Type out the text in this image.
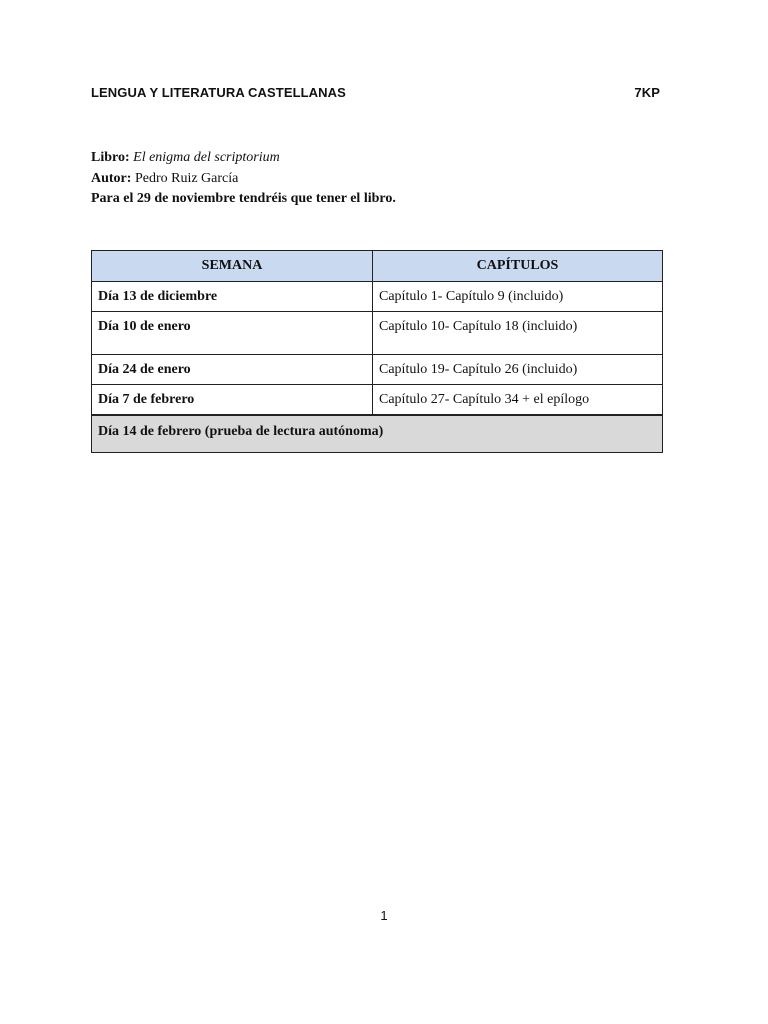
LENGUA Y LITERATURA CASTELLANAS	7KP
Libro: El enigma del scriptorium
Autor: Pedro Ruiz García
Para el 29 de noviembre tendréis que tener el libro.
SEMANA	CAPÍTULOS
Día 13 de diciembre	Capítulo 1- Capítulo 9 (incluido)
Día 10 de enero	Capítulo 10- Capítulo 18 (incluido)
Día 24 de enero	Capítulo 19- Capítulo 26 (incluido)
Día 7 de febrero	Capítulo 27- Capítulo 34 + el epílogo
Día 14 de febrero (prueba de lectura autónoma)	
1
